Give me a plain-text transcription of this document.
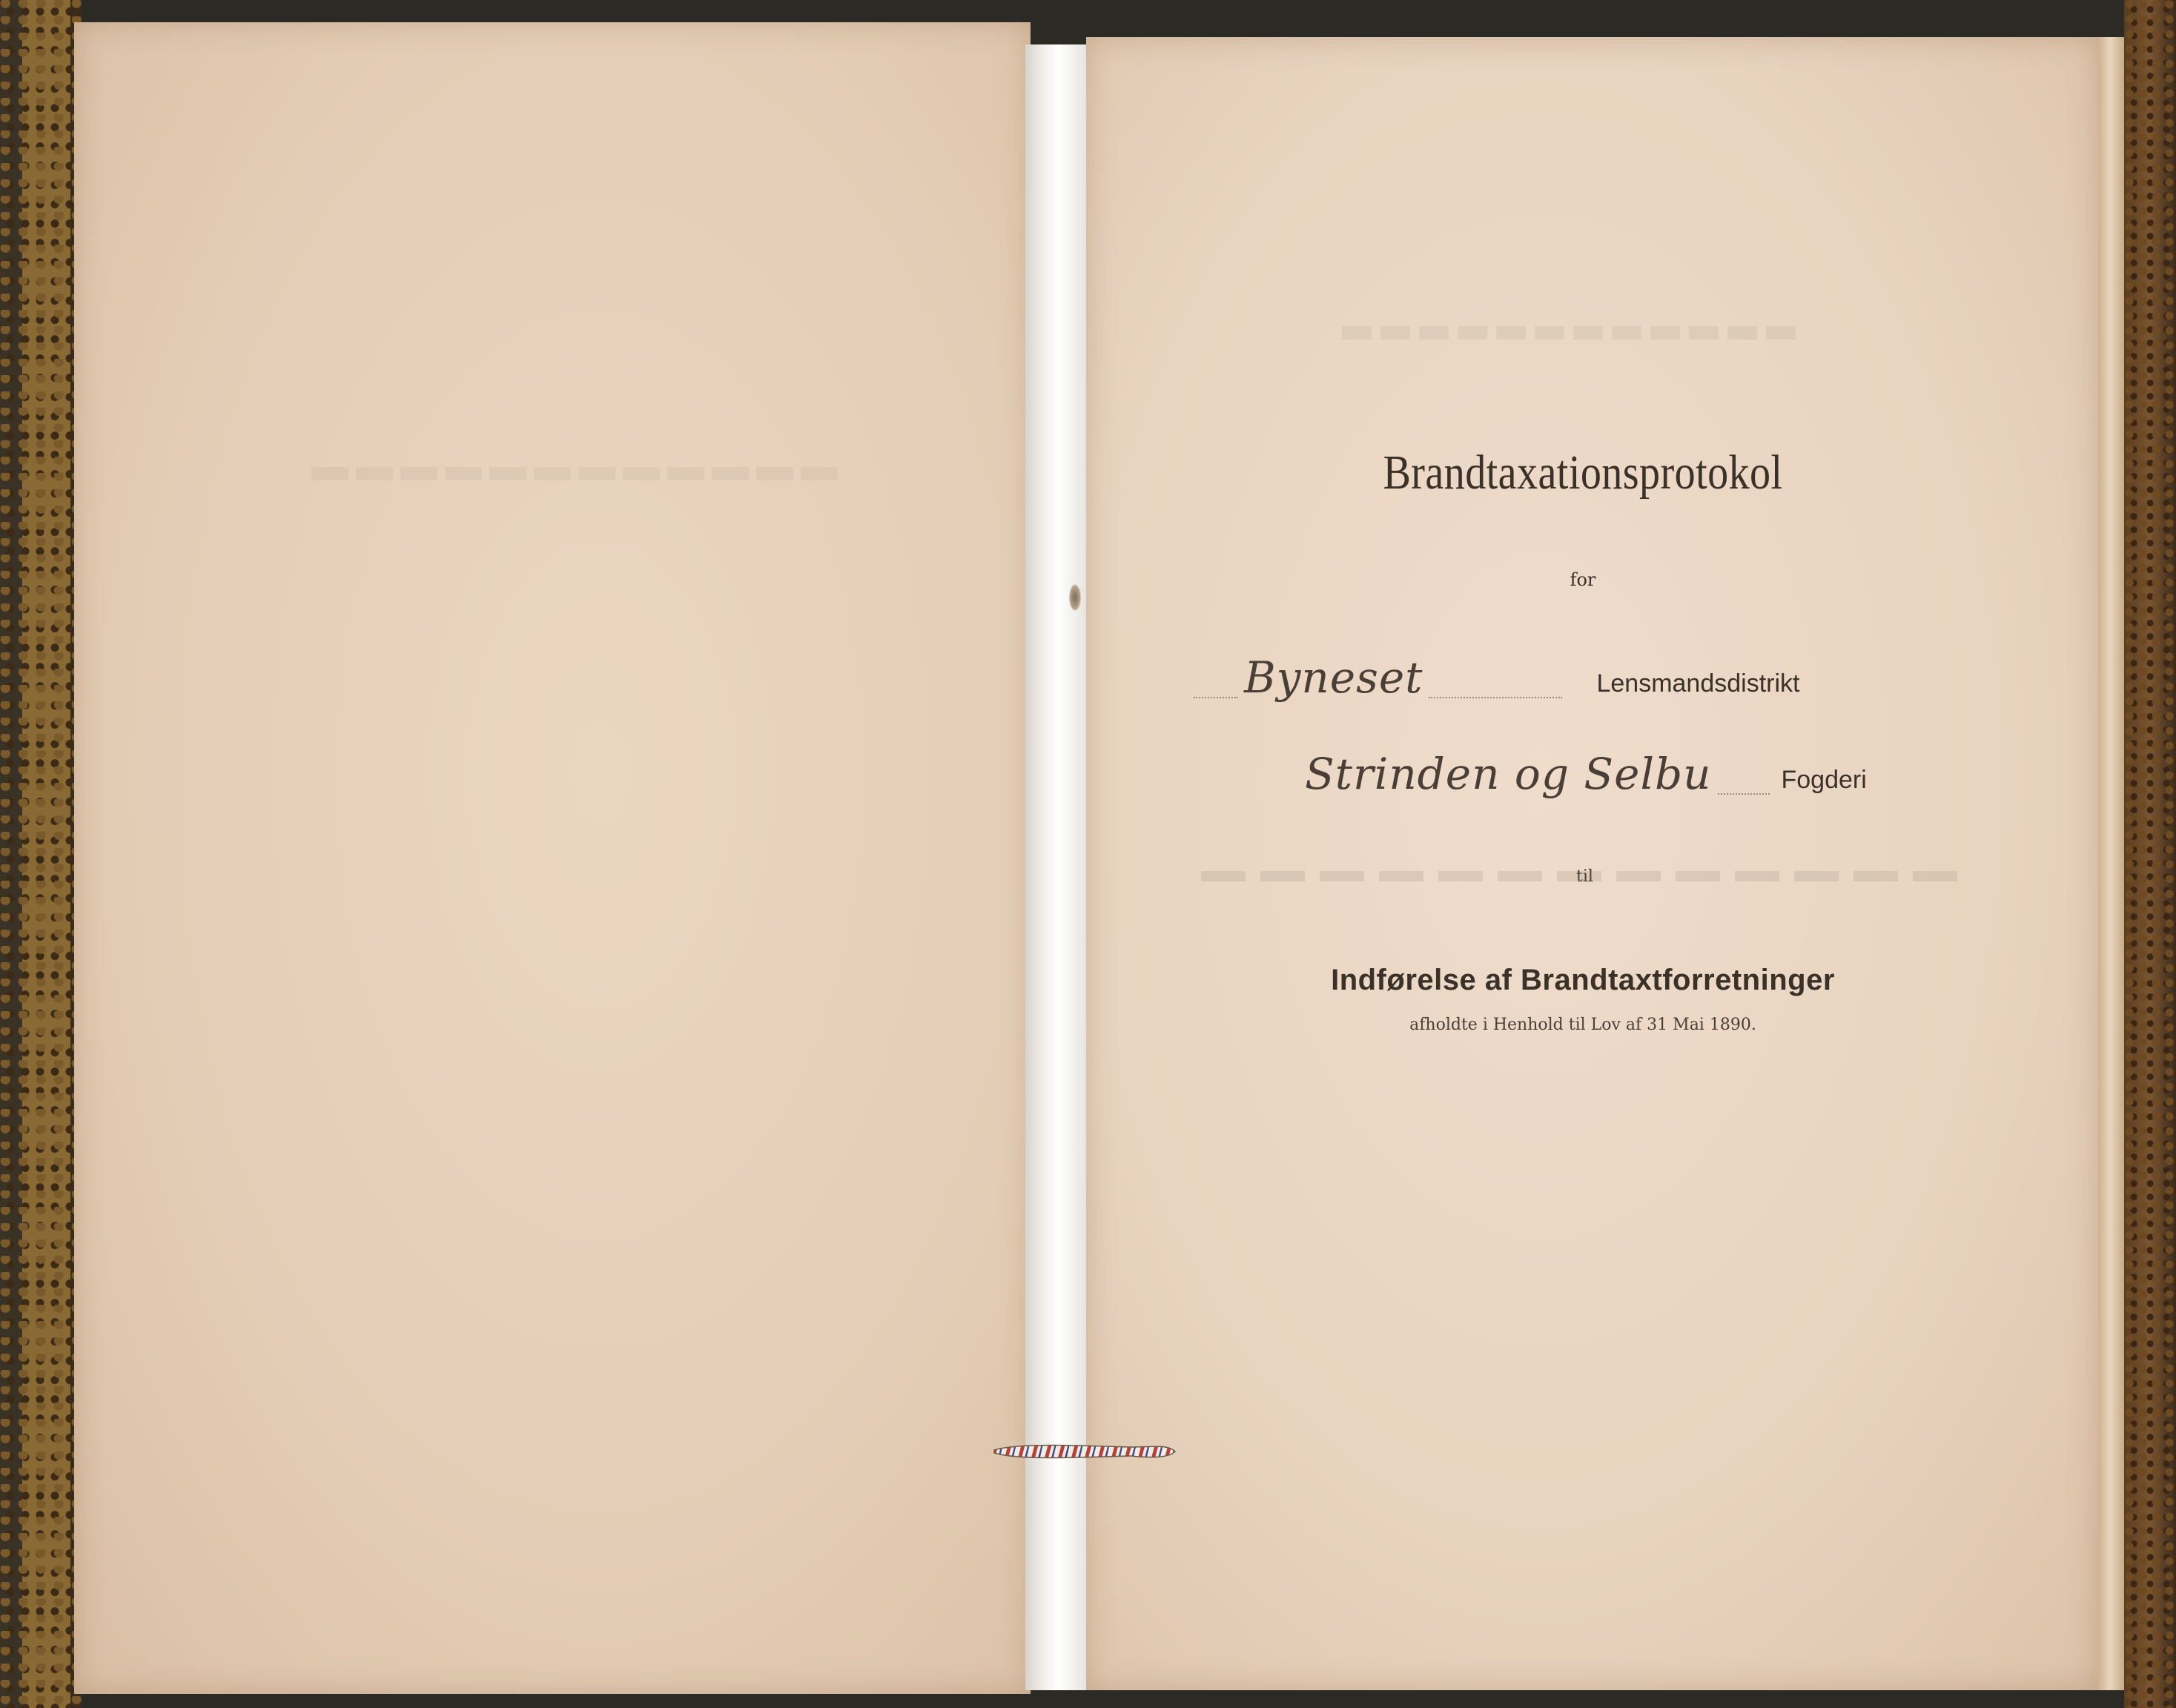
Brandtaxationsprotokol

for
Byneset	Lensmandsdistrikt
Strinden og Selbu	Fogderi
til
Indførelse af Brandtaxtforretninger
afholdte i Henhold til Lov af 31 Mai 1890.
